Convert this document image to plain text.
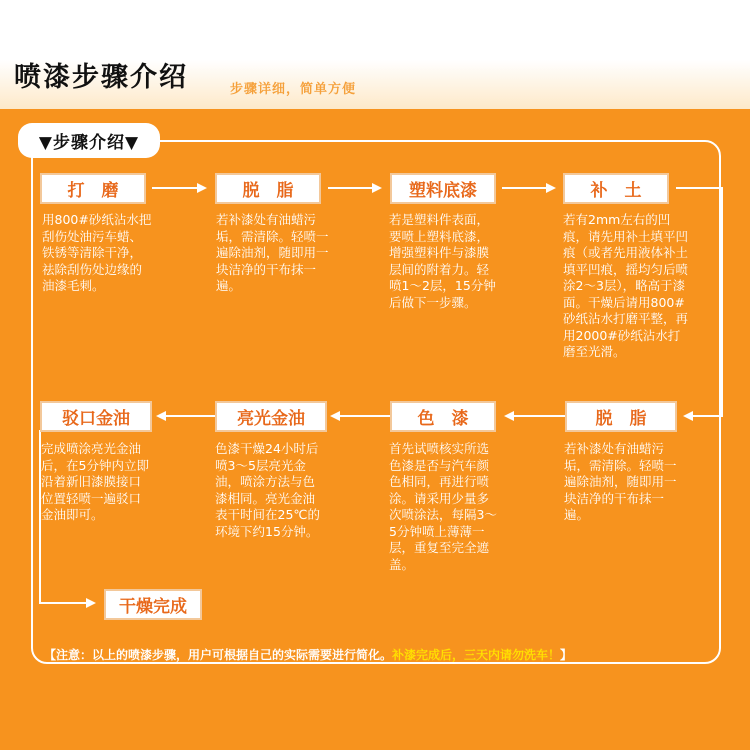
喷漆步骤介绍	步骤详细，简单方便
▼步骤介绍▼
打　磨	脱　脂	塑料底漆	补　土
用800#砂纸沾水把刮伤处油污车蜡、铁锈等清除干净，祛除刮伤处边缘的油漆毛刺。
若补漆处有油蜡污垢，需清除。轻喷一遍除油剂，随即用一块洁净的干布抹一遍。
若是塑料件表面，要喷上塑料底漆，增强塑料件与漆膜层间的附着力。轻喷1～2层，15分钟后做下一步骤。
若有2mm左右的凹痕，请先用补土填平凹痕（或者先用液体补土填平凹痕，摇均匀后喷涂2～3层），略高于漆面。干燥后请用800#砂纸沾水打磨平整，再用2000#砂纸沾水打磨至光滑。
驳口金油	亮光金油	色　漆	脱　脂
完成喷涂亮光金油后，在5分钟内立即沿着新旧漆膜接口位置轻喷一遍驳口金油即可。
色漆干燥24小时后喷3～5层亮光金油，喷涂方法与色漆相同。亮光金油表干时间在25℃的环境下约15分钟。
首先试喷核实所选色漆是否与汽车颜色相同，再进行喷涂。请采用少量多次喷涂法，每隔3～5分钟喷上薄薄一层，重复至完全遮盖。
若补漆处有油蜡污垢，需清除。轻喷一遍除油剂，随即用一块洁净的干布抹一遍。
干燥完成
【注意：以上的喷漆步骤，用户可根据自己的实际需要进行简化。补漆完成后，三天内请勿洗车！】
